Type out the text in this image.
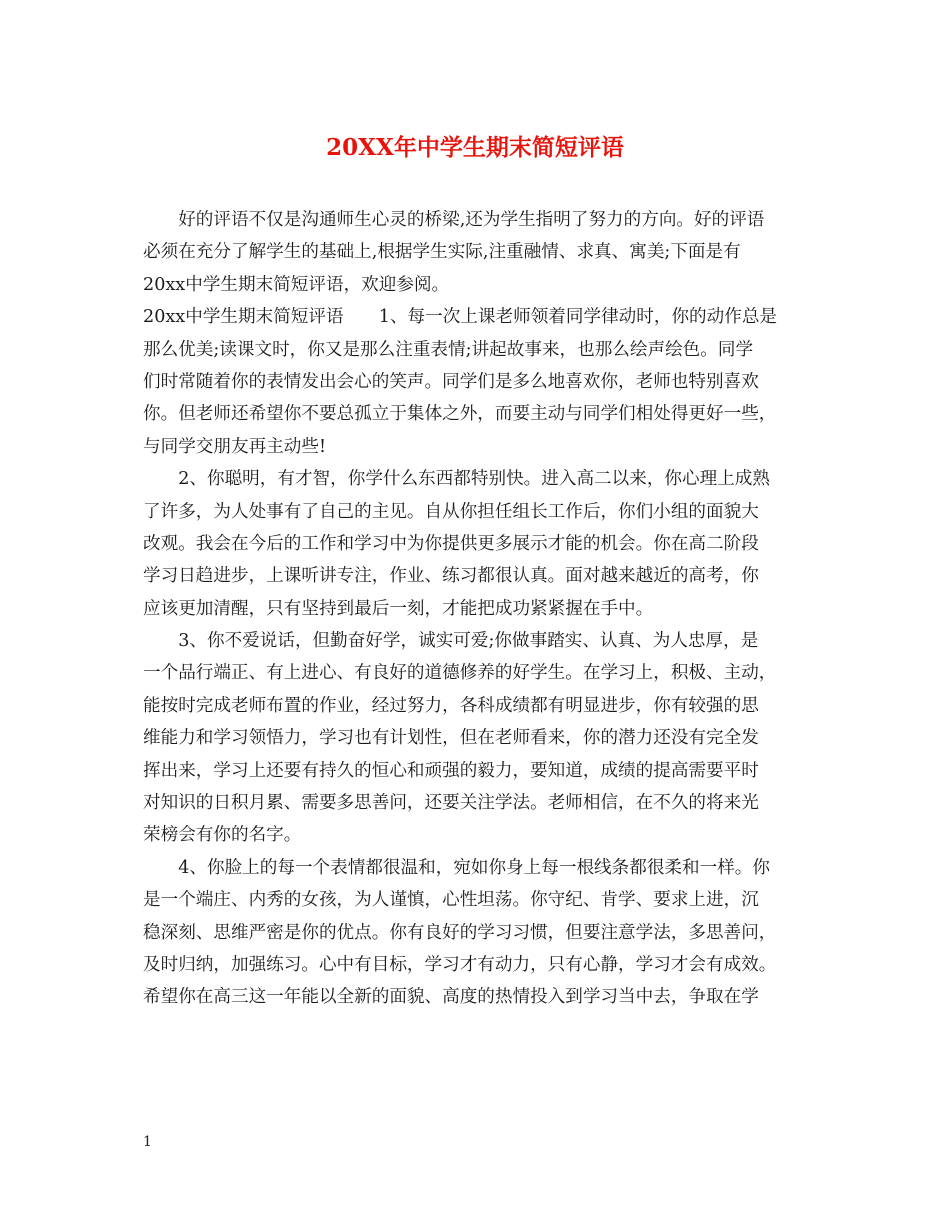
20XX年中学生期末简短评语
　　好的评语不仅是沟通师生心灵的桥梁,还为学生指明了努力的方向。好的评语
必须在充分了解学生的基础上,根据学生实际,注重融情、求真、寓美;下面是有
20xx中学生期末简短评语，欢迎参阅。
20xx中学生期末简短评语　　1、每一次上课老师领着同学律动时，你的动作总是
那么优美;读课文时，你又是那么注重表情;讲起故事来，也那么绘声绘色。同学
们时常随着你的表情发出会心的笑声。同学们是多么地喜欢你，老师也特别喜欢
你。但老师还希望你不要总孤立于集体之外，而要主动与同学们相处得更好一些，
与同学交朋友再主动些!
　　2、你聪明，有才智，你学什么东西都特别快。进入高二以来，你心理上成熟
了许多，为人处事有了自己的主见。自从你担任组长工作后，你们小组的面貌大
改观。我会在今后的工作和学习中为你提供更多展示才能的机会。你在高二阶段
学习日趋进步，上课听讲专注，作业、练习都很认真。面对越来越近的高考，你
应该更加清醒，只有坚持到最后一刻，才能把成功紧紧握在手中。
　　3、你不爱说话，但勤奋好学，诚实可爱;你做事踏实、认真、为人忠厚，是
一个品行端正、有上进心、有良好的道德修养的好学生。在学习上，积极、主动，
能按时完成老师布置的作业，经过努力，各科成绩都有明显进步，你有较强的思
维能力和学习领悟力，学习也有计划性，但在老师看来，你的潜力还没有完全发
挥出来，学习上还要有持久的恒心和顽强的毅力，要知道，成绩的提高需要平时
对知识的日积月累、需要多思善问，还要关注学法。老师相信，在不久的将来光
荣榜会有你的名字。
　　4、你脸上的每一个表情都很温和，宛如你身上每一根线条都很柔和一样。你
是一个端庄、内秀的女孩，为人谨慎，心性坦荡。你守纪、肯学、要求上进，沉
稳深刻、思维严密是你的优点。你有良好的学习习惯，但要注意学法，多思善问，
及时归纳，加强练习。心中有目标，学习才有动力，只有心静，学习才会有成效。
希望你在高三这一年能以全新的面貌、高度的热情投入到学习当中去，争取在学
1
